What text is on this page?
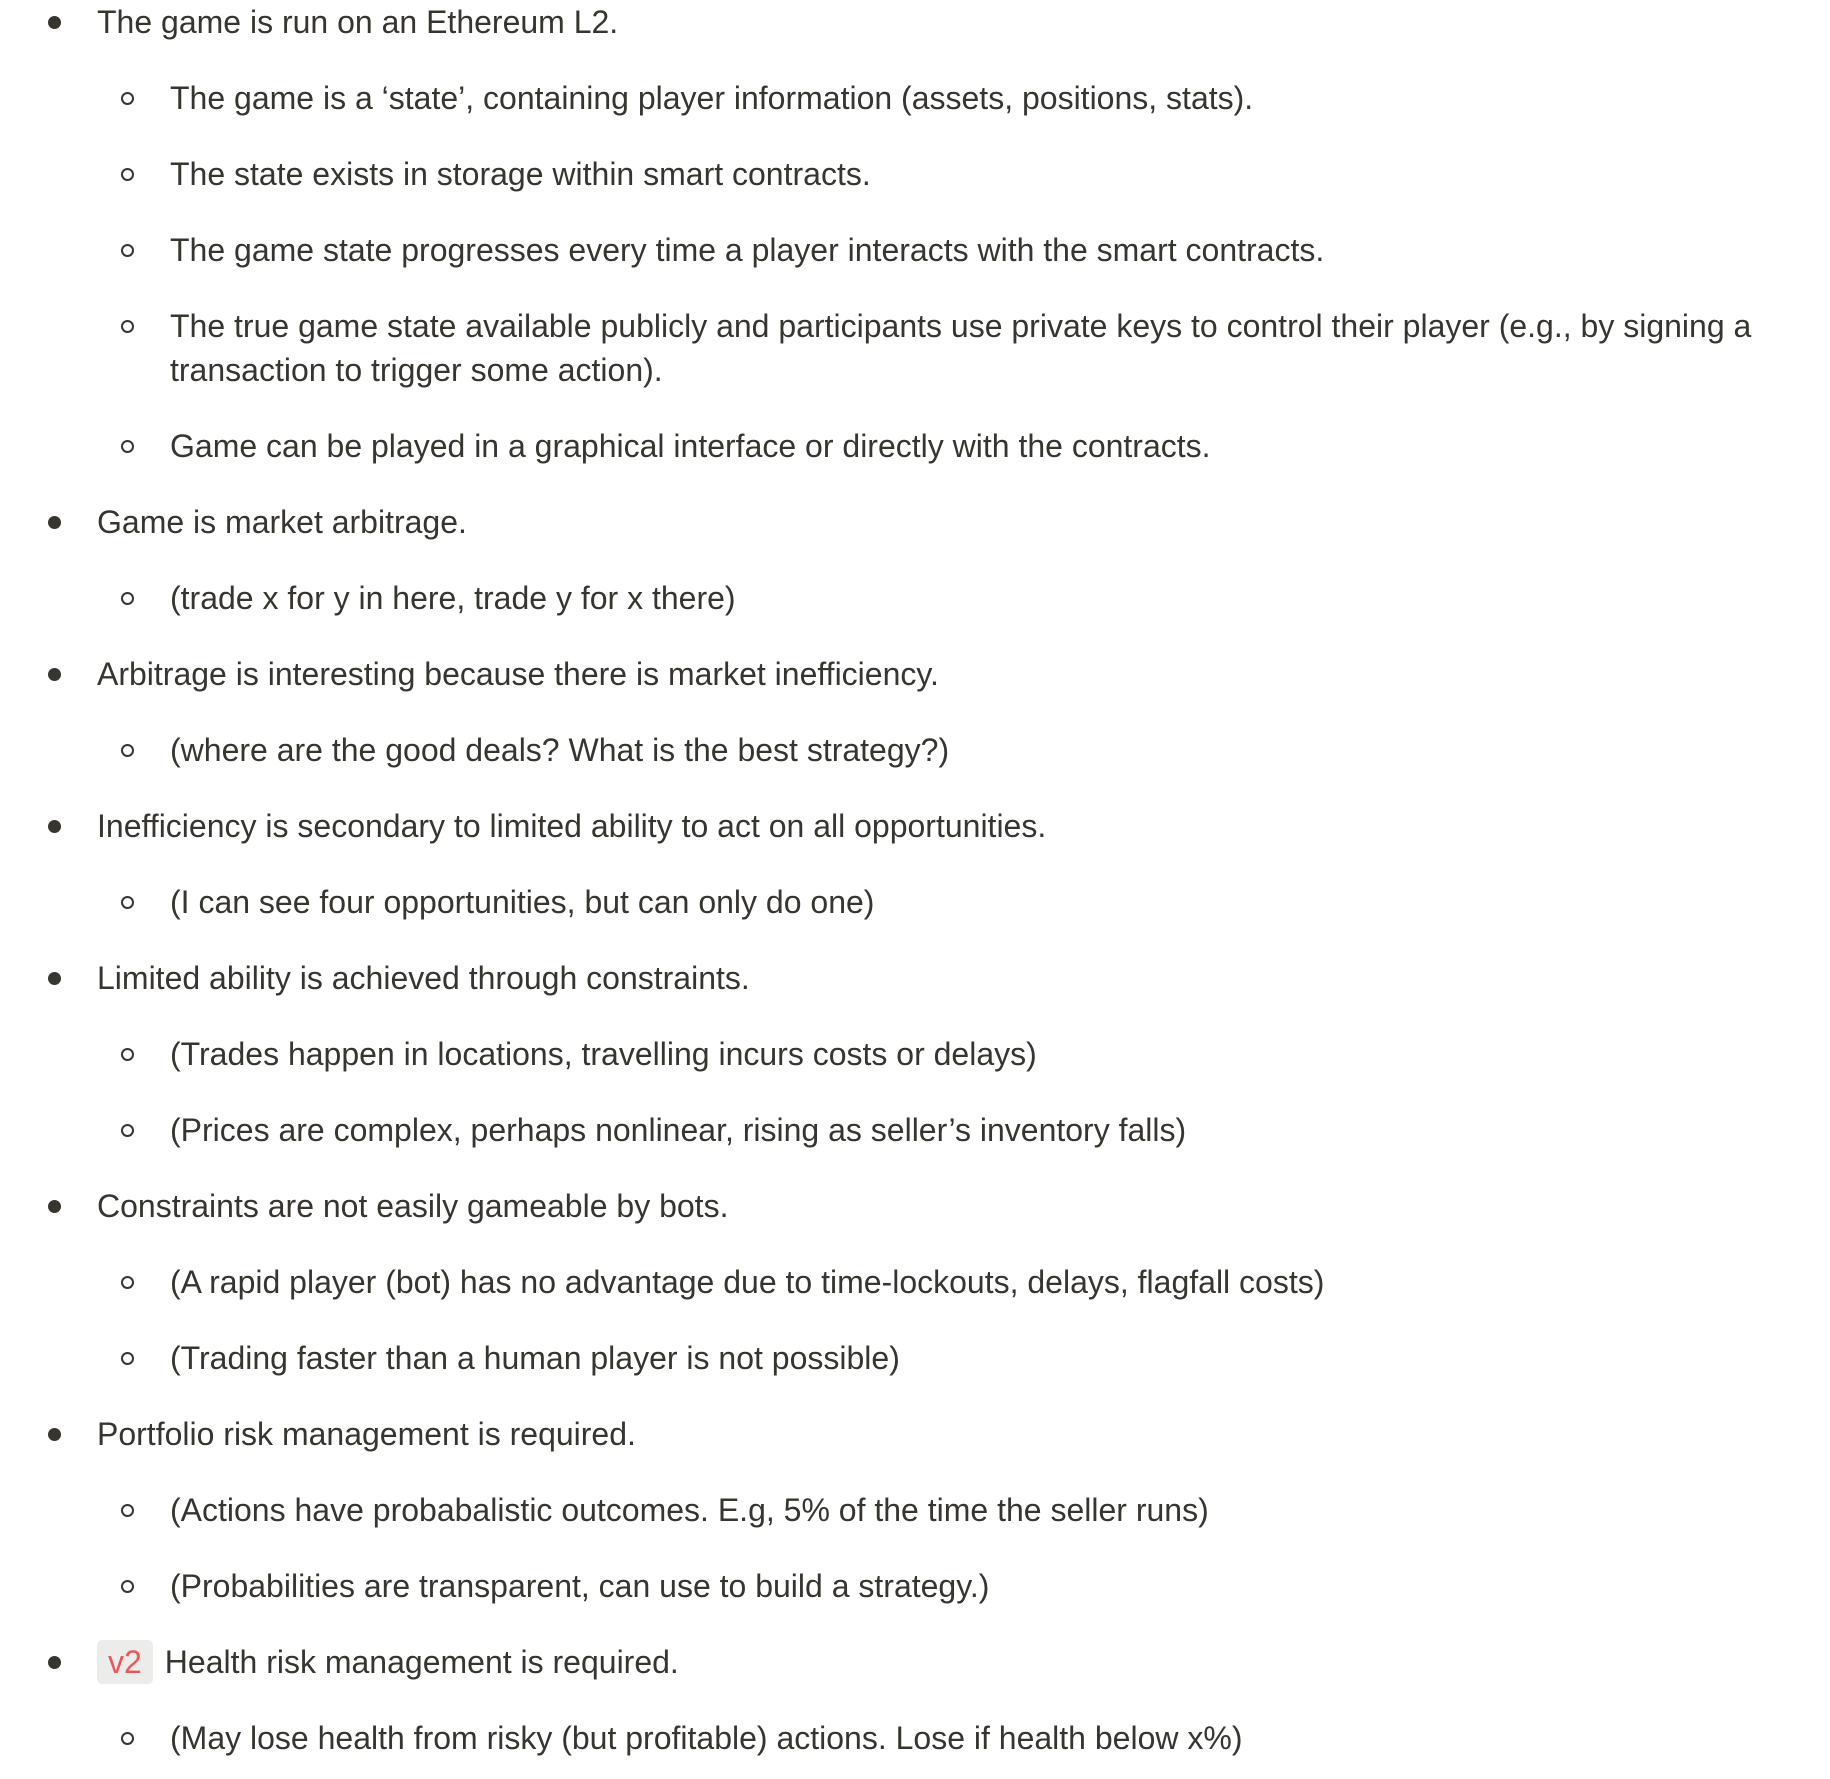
The game is run on an Ethereum L2.
The game is a ‘state’, containing player information (assets, positions, stats).
The state exists in storage within smart contracts.
The game state progresses every time a player interacts with the smart contracts.
The true game state available publicly and participants use private keys to control their player (e.g., by signing a transaction to trigger some action).
Game can be played in a graphical interface or directly with the contracts.
Game is market arbitrage.
(trade x for y in here, trade y for x there)
Arbitrage is interesting because there is market inefficiency.
(where are the good deals? What is the best strategy?)
Inefficiency is secondary to limited ability to act on all opportunities.
(I can see four opportunities, but can only do one)
Limited ability is achieved through constraints.
(Trades happen in locations, travelling incurs costs or delays)
(Prices are complex, perhaps nonlinear, rising as seller’s inventory falls)
Constraints are not easily gameable by bots.
(A rapid player (bot) has no advantage due to time-lockouts, delays, flagfall costs)
(Trading faster than a human player is not possible)
Portfolio risk management is required.
(Actions have probabalistic outcomes. E.g, 5% of the time the seller runs)
(Probabilities are transparent, can use to build a strategy.)
v2 Health risk management is required.
(May lose health from risky (but profitable) actions. Lose if health below x%)
